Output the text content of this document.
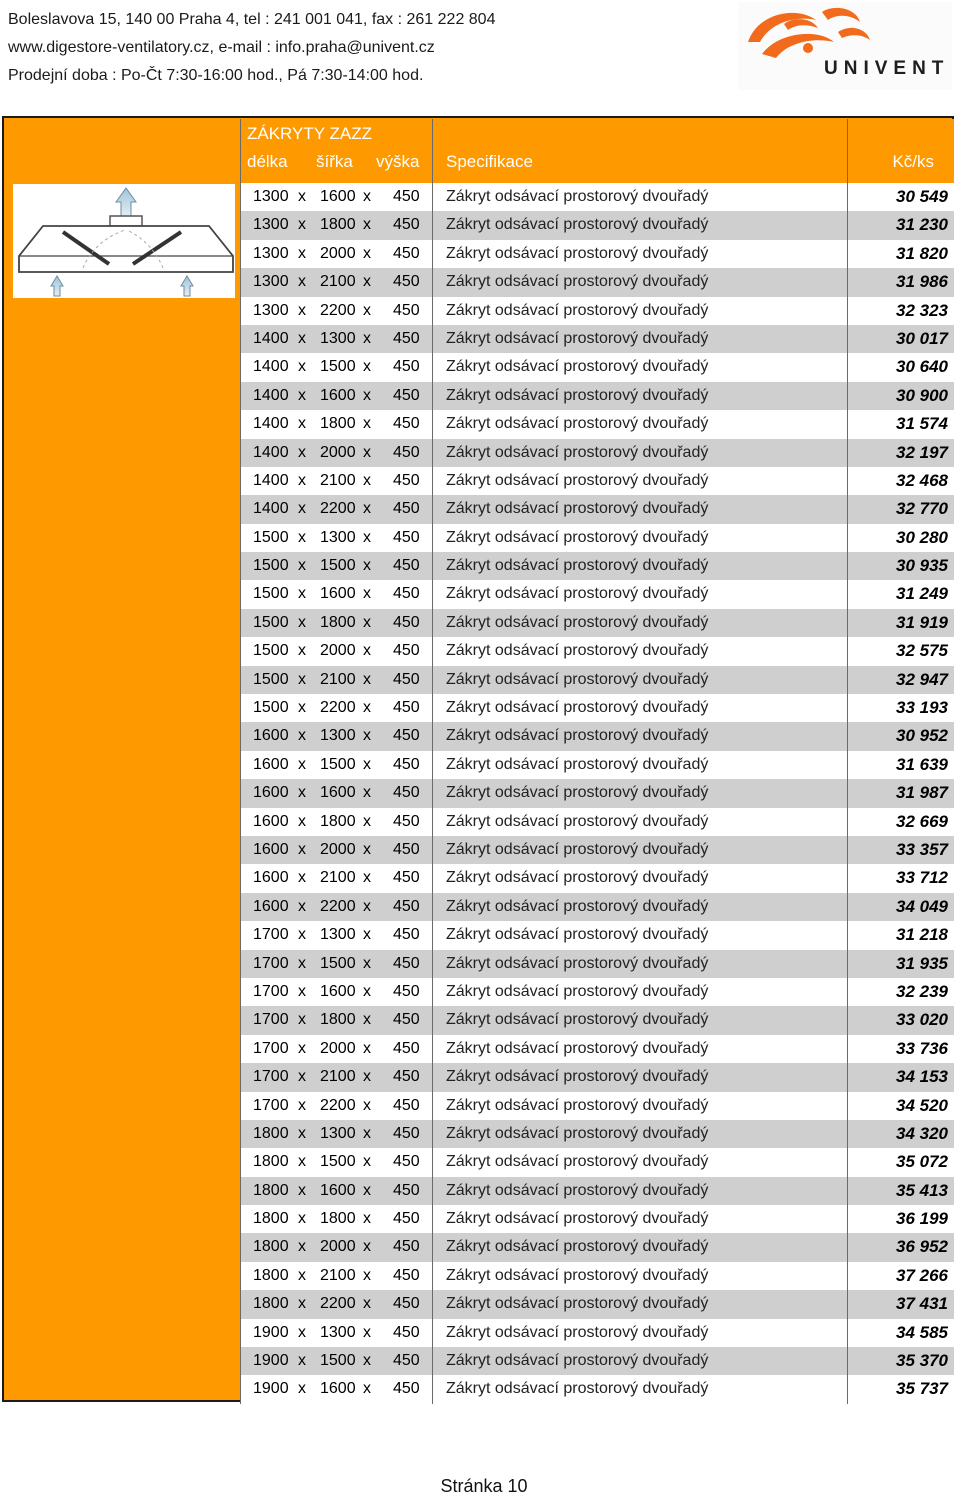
Boleslavova 15, 140 00 Praha 4, tel : 241 001 041, fax : 261 222 804
www.digestore-ventilatory.cz, e-mail : info.praha@univent.cz
Prodejní doba : Po-Čt 7:30-16:00 hod., Pá 7:30-14:00 hod.	UNIVENT
ZÁKRYTY ZAZZ
délka šířka výška Specifikace	Kč/ks
1300 x 1600 x 450	Zákryt odsávací prostorový dvouřadý	30 549
1300 x 1800 x 450	Zákryt odsávací prostorový dvouřadý	31 230
1300 x 2000 x 450	Zákryt odsávací prostorový dvouřadý	31 820
1300 x 2100 x 450	Zákryt odsávací prostorový dvouřadý	31 986
1300 x 2200 x 450	Zákryt odsávací prostorový dvouřadý	32 323
1400 x 1300 x 450	Zákryt odsávací prostorový dvouřadý	30 017
1400 x 1500 x 450	Zákryt odsávací prostorový dvouřadý	30 640
1400 x 1600 x 450	Zákryt odsávací prostorový dvouřadý	30 900
1400 x 1800 x 450	Zákryt odsávací prostorový dvouřadý	31 574
1400 x 2000 x 450	Zákryt odsávací prostorový dvouřadý	32 197
1400 x 2100 x 450	Zákryt odsávací prostorový dvouřadý	32 468
1400 x 2200 x 450	Zákryt odsávací prostorový dvouřadý	32 770
1500 x 1300 x 450	Zákryt odsávací prostorový dvouřadý	30 280
1500 x 1500 x 450	Zákryt odsávací prostorový dvouřadý	30 935
1500 x 1600 x 450	Zákryt odsávací prostorový dvouřadý	31 249
1500 x 1800 x 450	Zákryt odsávací prostorový dvouřadý	31 919
1500 x 2000 x 450	Zákryt odsávací prostorový dvouřadý	32 575
1500 x 2100 x 450	Zákryt odsávací prostorový dvouřadý	32 947
1500 x 2200 x 450	Zákryt odsávací prostorový dvouřadý	33 193
1600 x 1300 x 450	Zákryt odsávací prostorový dvouřadý	30 952
1600 x 1500 x 450	Zákryt odsávací prostorový dvouřadý	31 639
1600 x 1600 x 450	Zákryt odsávací prostorový dvouřadý	31 987
1600 x 1800 x 450	Zákryt odsávací prostorový dvouřadý	32 669
1600 x 2000 x 450	Zákryt odsávací prostorový dvouřadý	33 357
1600 x 2100 x 450	Zákryt odsávací prostorový dvouřadý	33 712
1600 x 2200 x 450	Zákryt odsávací prostorový dvouřadý	34 049
1700 x 1300 x 450	Zákryt odsávací prostorový dvouřadý	31 218
1700 x 1500 x 450	Zákryt odsávací prostorový dvouřadý	31 935
1700 x 1600 x 450	Zákryt odsávací prostorový dvouřadý	32 239
1700 x 1800 x 450	Zákryt odsávací prostorový dvouřadý	33 020
1700 x 2000 x 450	Zákryt odsávací prostorový dvouřadý	33 736
1700 x 2100 x 450	Zákryt odsávací prostorový dvouřadý	34 153
1700 x 2200 x 450	Zákryt odsávací prostorový dvouřadý	34 520
1800 x 1300 x 450	Zákryt odsávací prostorový dvouřadý	34 320
1800 x 1500 x 450	Zákryt odsávací prostorový dvouřadý	35 072
1800 x 1600 x 450	Zákryt odsávací prostorový dvouřadý	35 413
1800 x 1800 x 450	Zákryt odsávací prostorový dvouřadý	36 199
1800 x 2000 x 450	Zákryt odsávací prostorový dvouřadý	36 952
1800 x 2100 x 450	Zákryt odsávací prostorový dvouřadý	37 266
1800 x 2200 x 450	Zákryt odsávací prostorový dvouřadý	37 431
1900 x 1300 x 450	Zákryt odsávací prostorový dvouřadý	34 585
1900 x 1500 x 450	Zákryt odsávací prostorový dvouřadý	35 370
1900 x 1600 x 450	Zákryt odsávací prostorový dvouřadý	35 737
Stránka 10
